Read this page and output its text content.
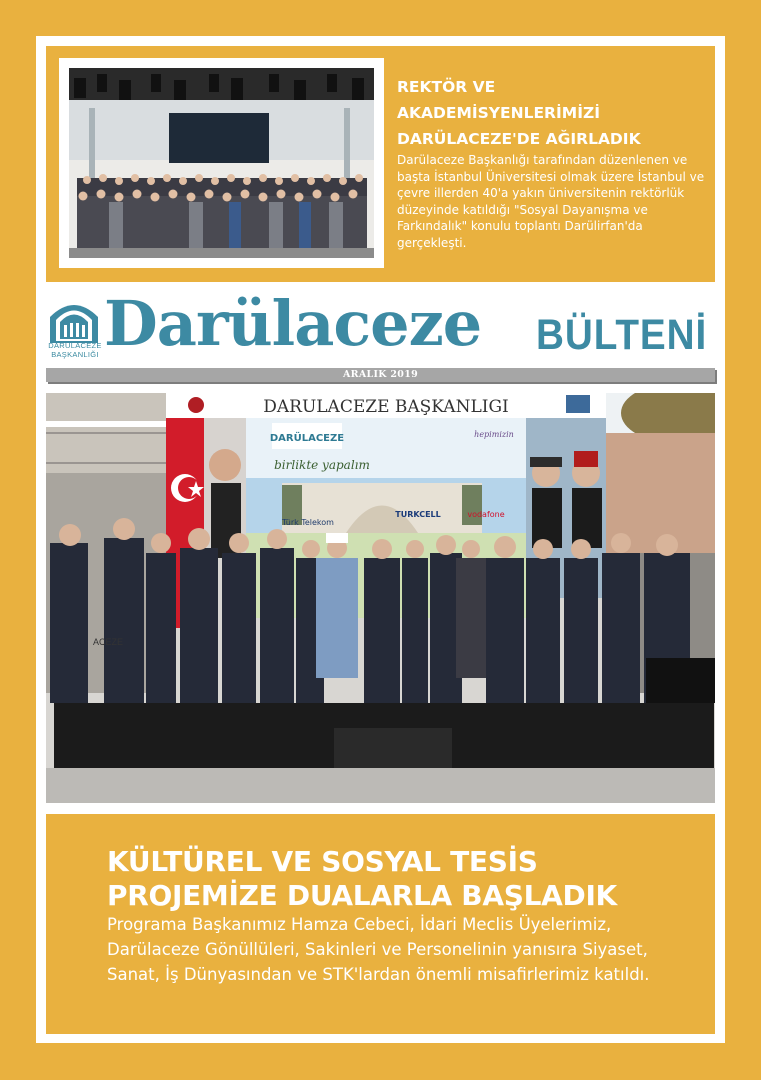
REKTÖR VE
AKADEMİSYENLERİMİZİ
DARÜLACEZE'DE AĞIRLADIK
Darülaceze Başkanlığı tarafından düzenlenen ve başta İstanbul Üniversitesi olmak üzere İstanbul ve çevre illerden 40'a yakın üniversitenin rektörlük düzeyinde katıldığı "Sosyal Dayanışma ve Farkındalık" konulu toplantı Darülirfan'da gerçekleşti.
DARÜLACEZE
BAŞKANLIĞI Darülaceze BÜLTENİ
ARALIK 2019
DARULACEZE BAŞKANLIGI
DARÜLACEZE
birlikte yapalım
hepimizin
Türk Telekom
TURKCELL	vodafone
ACEZE
KÜLTÜREL VE SOSYAL TESİS
PROJEMİZE DUALARLA BAŞLADIK
Programa Başkanımız Hamza Cebeci, İdari Meclis Üyelerimiz, Darülaceze Gönüllüleri, Sakinleri ve Personelinin yanısıra Siyaset, Sanat, İş Dünyasından ve STK'lardan önemli misafirlerimiz katıldı.
